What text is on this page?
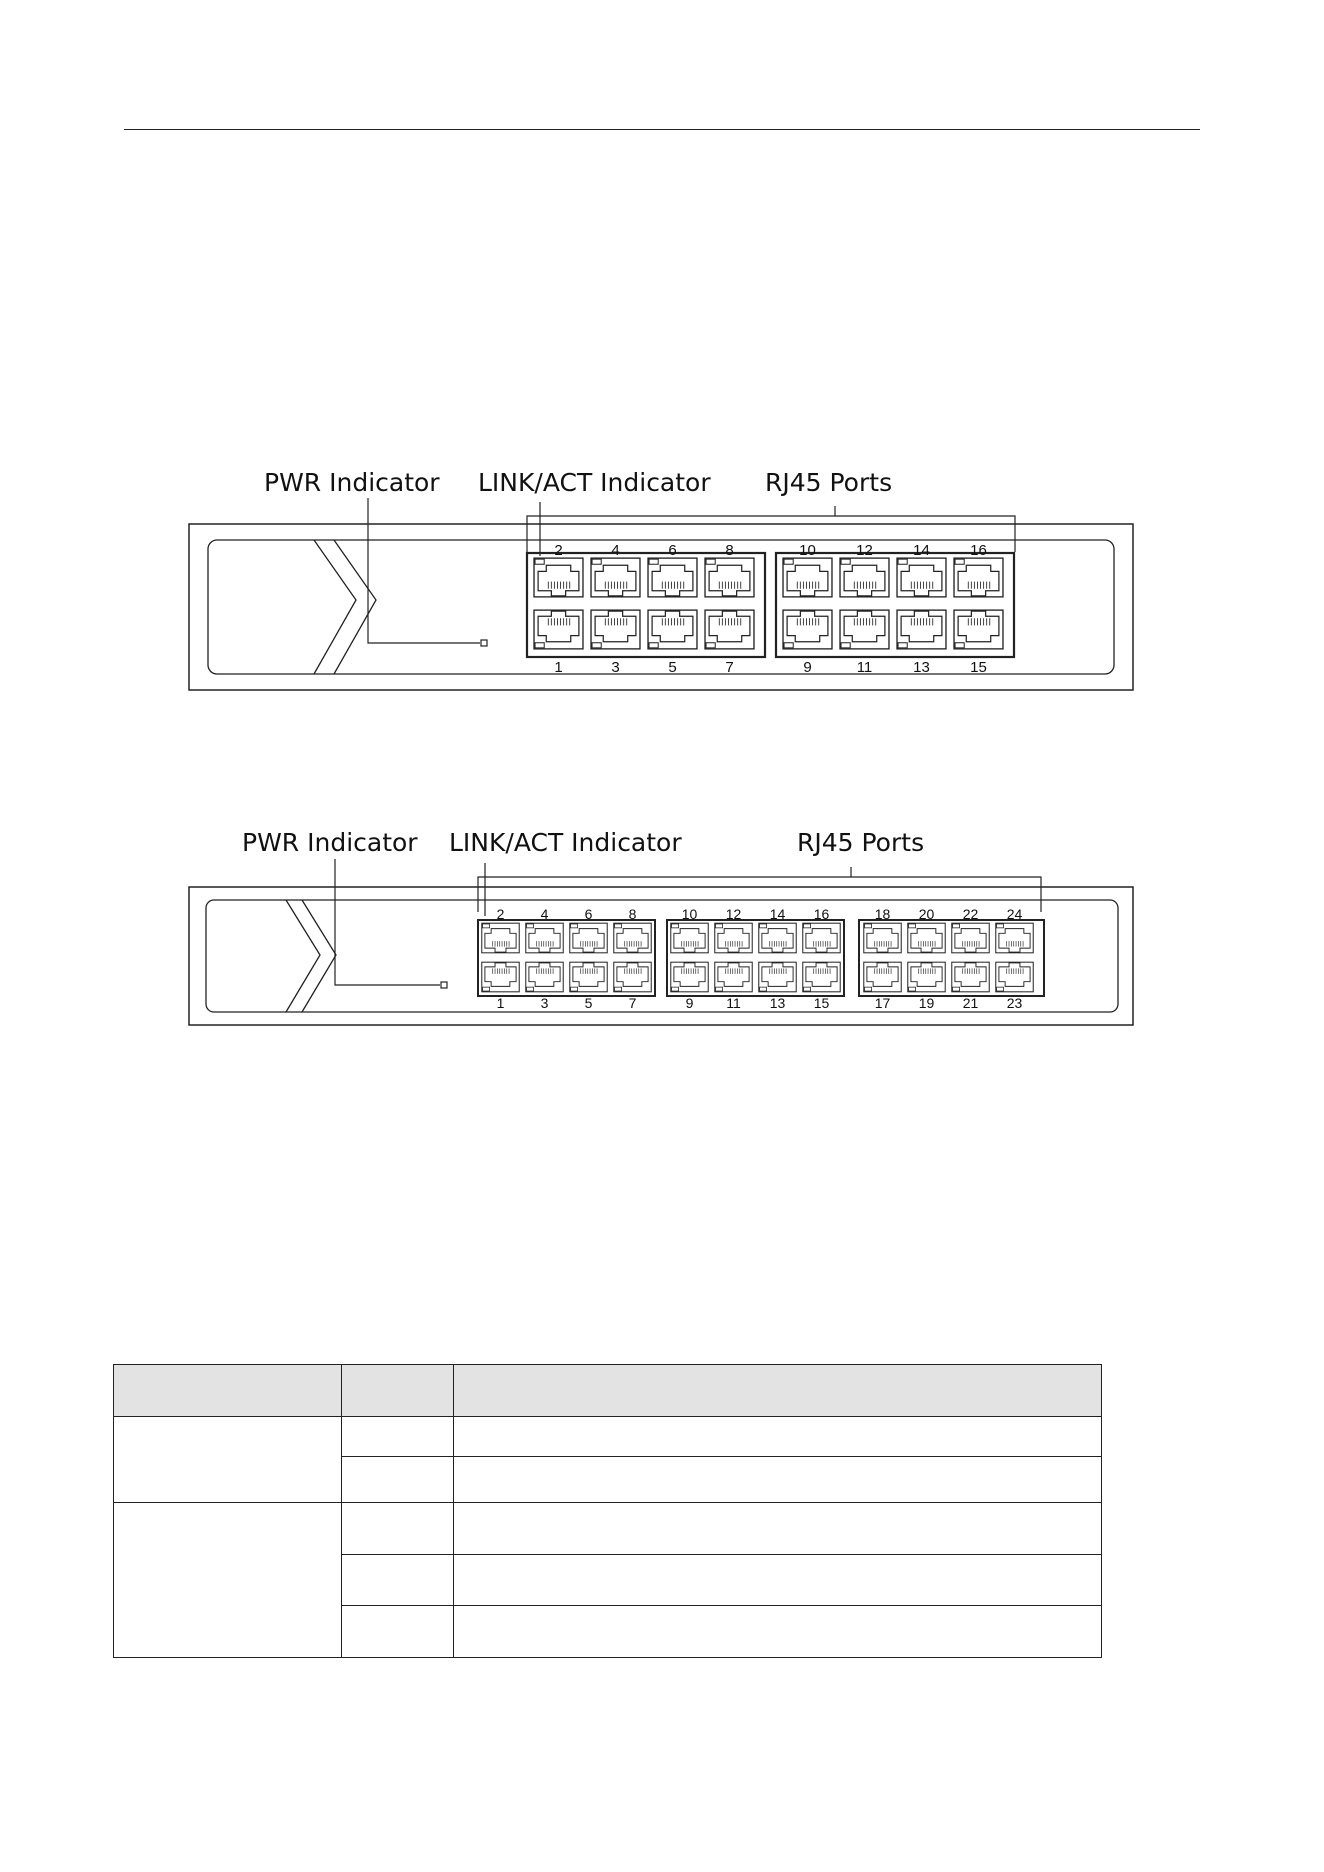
PWR Indicator LINK/ACT Indicator RJ45 Ports
2
1
4
3
6
5
8
7
10
9
12
11
14
13
16
15
PWR Indicator LINK/ACT Indicator	RJ45 Ports
2
1
4
3
6
5
8
7
10
9
12
11
14
13
16
15
18
17
20
19
22
21
24
23
